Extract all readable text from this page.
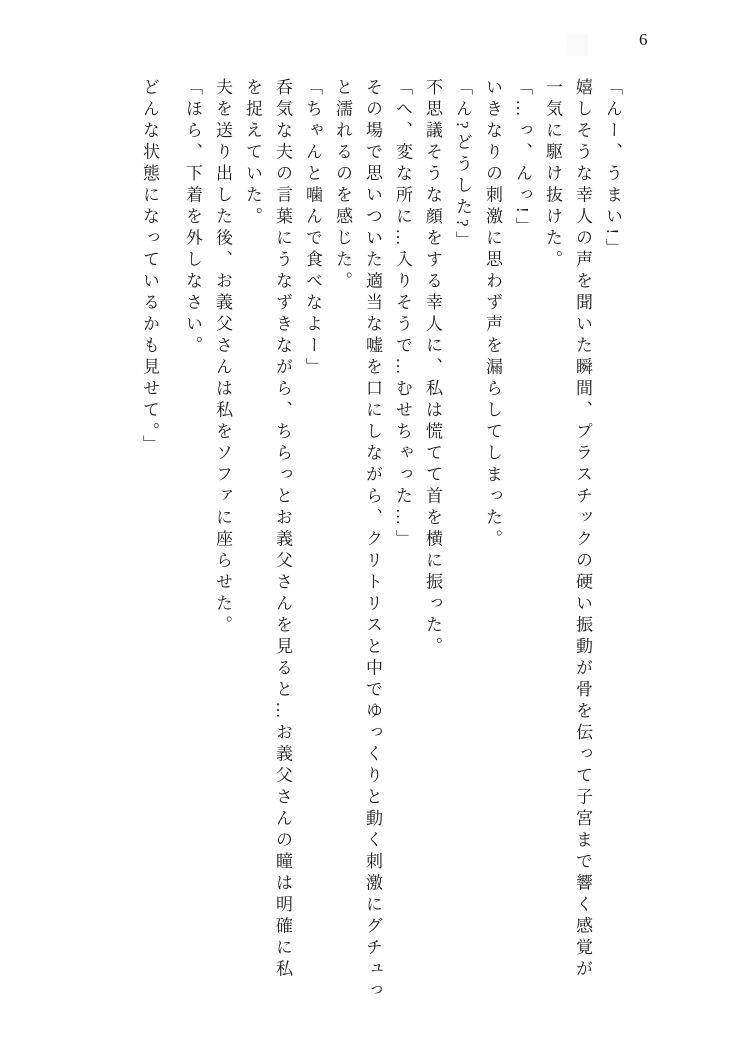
6

「んー、うまい!」

嬉しそうな幸人の声を聞いた瞬間、プラスチックの硬い振動が骨を伝って子宮まで響く感覚が

一気に駆け抜けた。

「…っ、んっ!」

いきなりの刺激に思わず声を漏らしてしまった。

「ん?どうした?」

不思議そうな顔をする幸人に、私は慌てて首を横に振った。

「へ、変な所に…入りそうで…むせちゃった…」

その場で思いついた適当な嘘を口にしながら、クリトリスと中でゆっくりと動く刺激にグチュっ

と濡れるのを感じた。

「ちゃんと噛んで食べなよー」

呑気な夫の言葉にうなずきながら、ちらっとお義父さんを見ると…お義父さんの瞳は明確に私

を捉えていた。

夫を送り出した後、お義父さんは私をソファに座らせた。

「ほら、下着を外しなさい。

どんな状態になっているかも見せて。」
